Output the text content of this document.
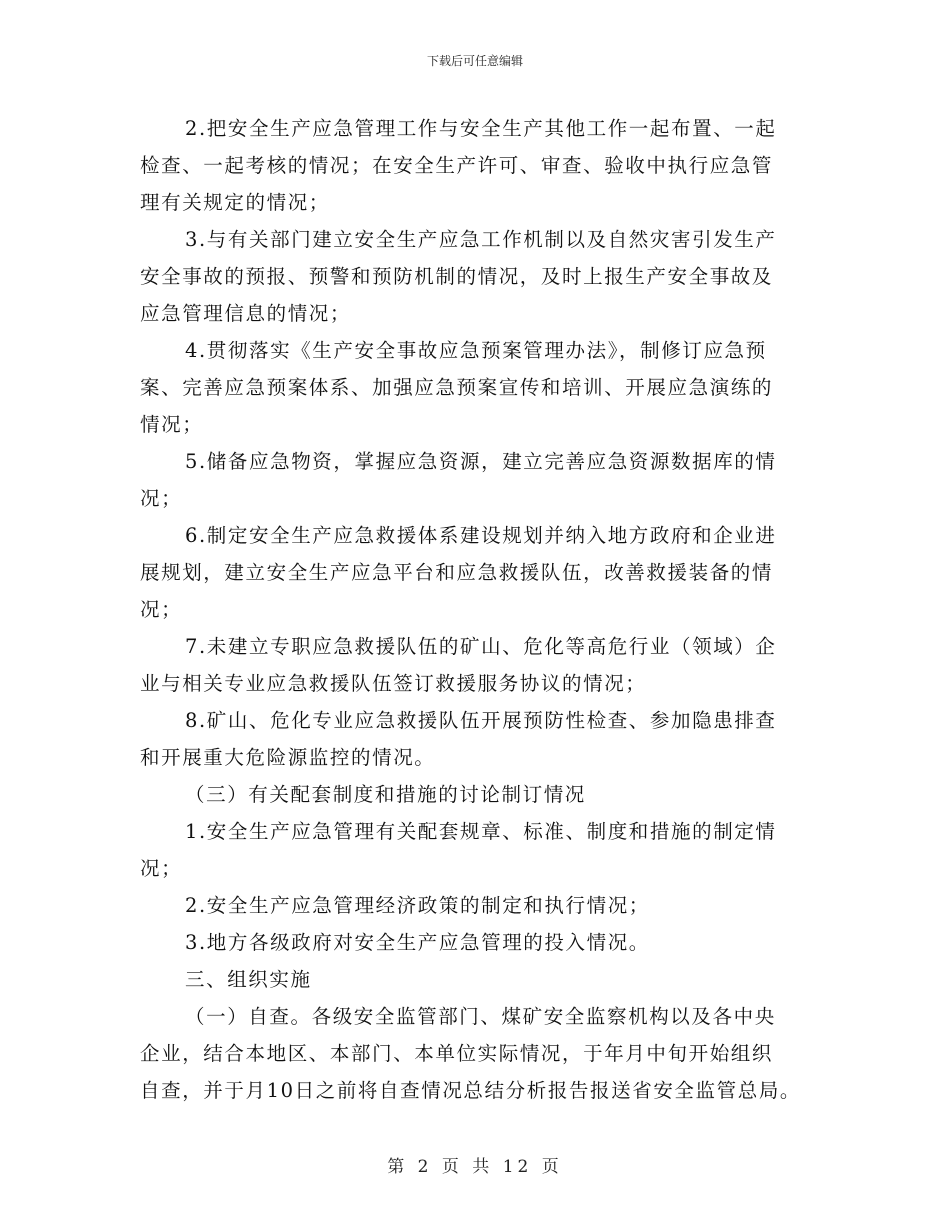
下载后可任意编辑
2.把安全生产应急管理工作与安全生产其他工作一起布置、一起
检查、一起考核的情况；在安全生产许可、审查、验收中执行应急管
理有关规定的情况；
3.与有关部门建立安全生产应急工作机制以及自然灾害引发生产
安全事故的预报、预警和预防机制的情况，及时上报生产安全事故及
应急管理信息的情况；
4.贯彻落实《生产安全事故应急预案管理办法》，制修订应急预
案、完善应急预案体系、加强应急预案宣传和培训、开展应急演练的
情况；
5.储备应急物资，掌握应急资源，建立完善应急资源数据库的情
况；
6.制定安全生产应急救援体系建设规划并纳入地方政府和企业进
展规划，建立安全生产应急平台和应急救援队伍，改善救援装备的情
况；
7.未建立专职应急救援队伍的矿山、危化等高危行业（领域）企
业与相关专业应急救援队伍签订救援服务协议的情况；
8.矿山、危化专业应急救援队伍开展预防性检查、参加隐患排查
和开展重大危险源监控的情况。
（三）有关配套制度和措施的讨论制订情况
1.安全生产应急管理有关配套规章、标准、制度和措施的制定情
况；
2.安全生产应急管理经济政策的制定和执行情况；
3.地方各级政府对安全生产应急管理的投入情况。
三、组织实施
（一）自查。各级安全监管部门、煤矿安全监察机构以及各中央
企业，结合本地区、本部门、本单位实际情况，于年月中旬开始组织
自查，并于月10日之前将自查情况总结分析报告报送省安全监管总局。
第 2 页 共 12 页
